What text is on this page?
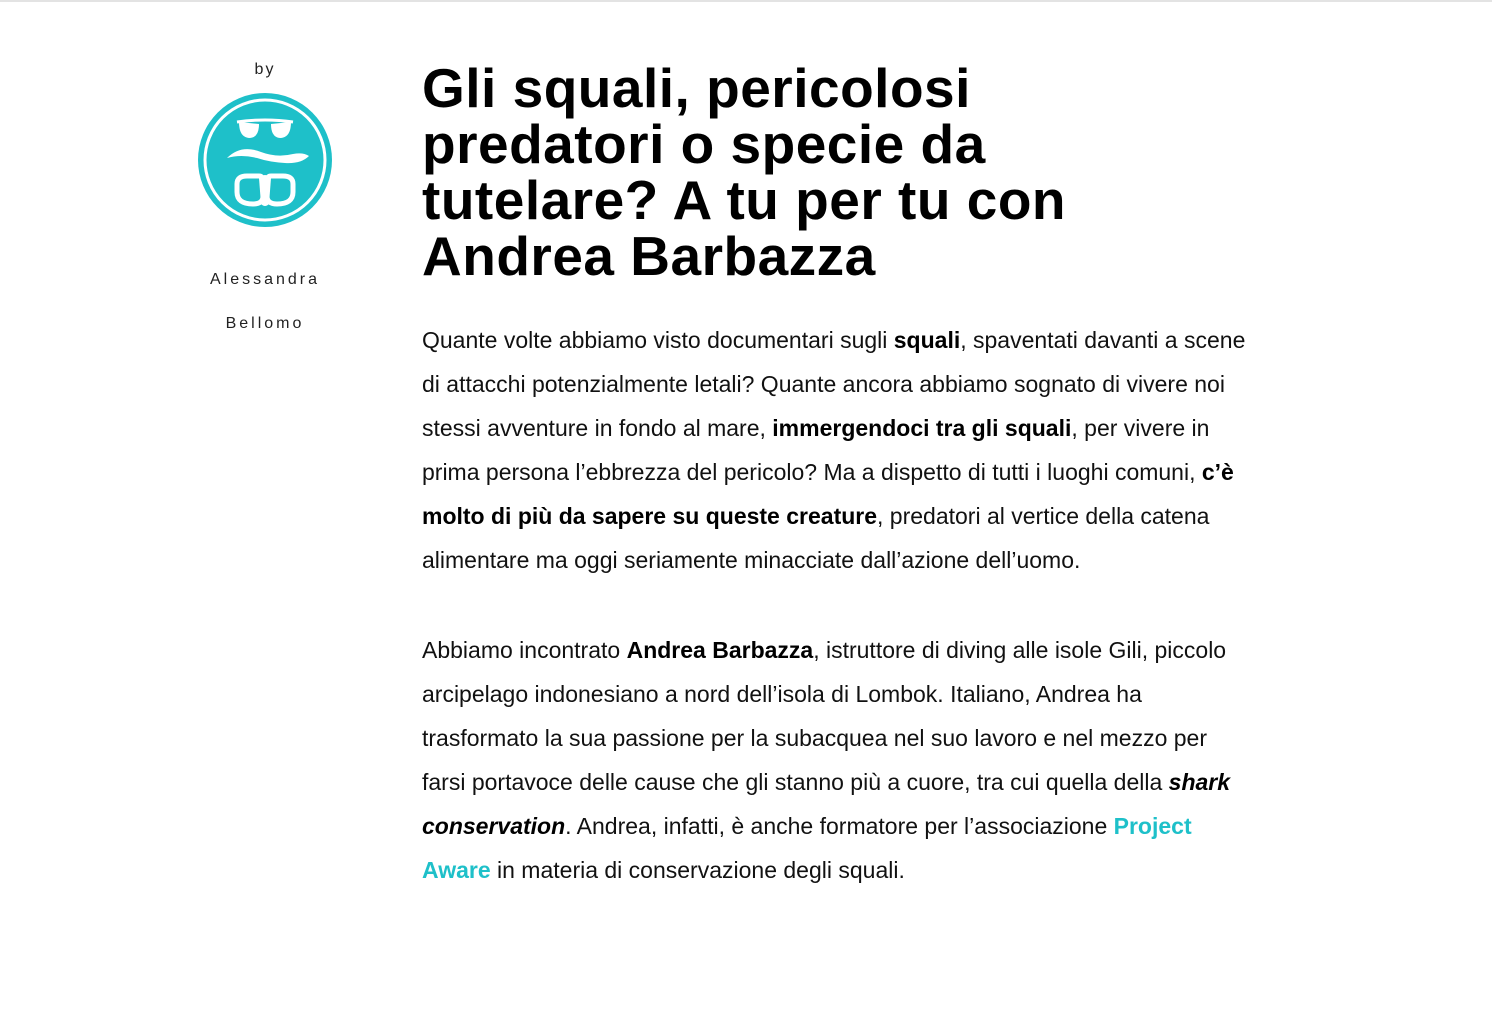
by

Alessandra
Bellomo
Gli squali, pericolosi predatori o specie da tutelare? A tu per tu con Andrea Barbazza

Quante volte abbiamo visto documentari sugli squali, spaventati davanti a scene di attacchi potenzialmente letali? Quante ancora abbiamo sognato di vivere noi stessi avventure in fondo al mare, immergendoci tra gli squali, per vivere in prima persona l’ebbrezza del pericolo? Ma a dispetto di tutti i luoghi comuni, c’è molto di più da sapere su queste creature, predatori al vertice della catena alimentare ma oggi seriamente minacciate dall’azione dell’uomo.

Abbiamo incontrato Andrea Barbazza, istruttore di diving alle isole Gili, piccolo arcipelago indonesiano a nord dell’isola di Lombok. Italiano, Andrea ha trasformato la sua passione per la subacquea nel suo lavoro e nel mezzo per farsi portavoce delle cause che gli stanno più a cuore, tra cui quella della shark conservation. Andrea, infatti, è anche formatore per l’associazione Project Aware in materia di conservazione degli squali.
